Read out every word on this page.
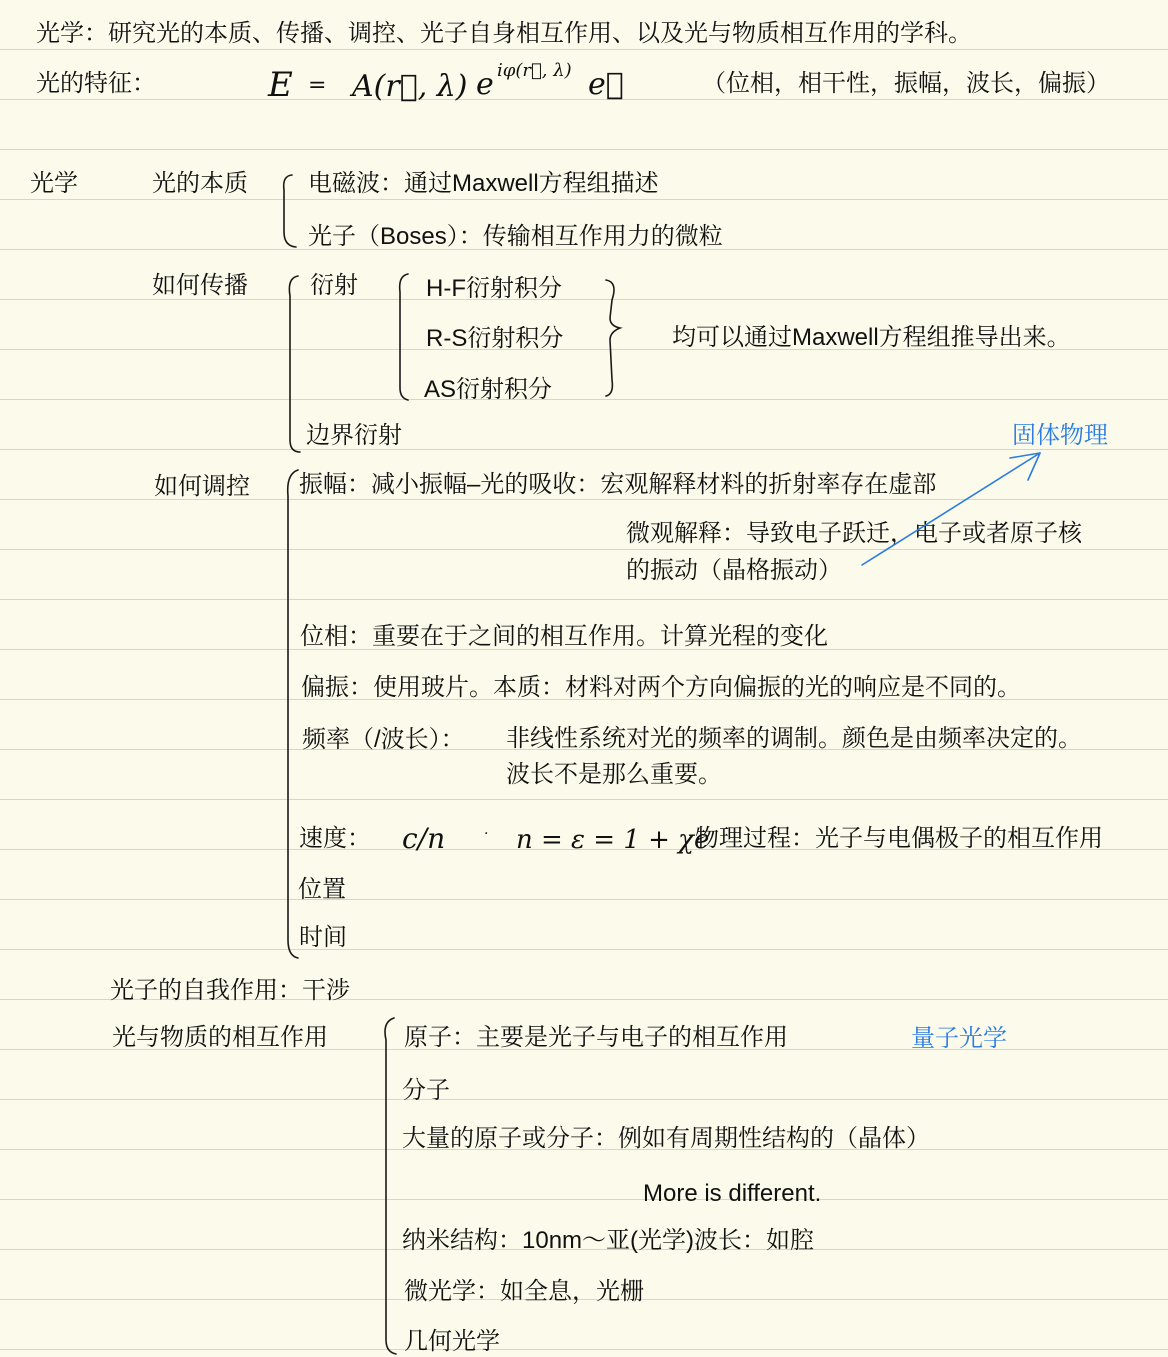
光学：研究光的本质、传播、调控、光子自身相互作用、以及光与物质相互作用的学科。
光的特征：	（位相，相干性，振幅，波长，偏振）
光学	光的本质	电磁波：通过Maxwell方程组描述
光子（Boses）：传输相互作用力的微粒
如何传播	衍射	H-F衍射积分
R-S衍射积分
AS衍射积分
均可以通过Maxwell方程组推导出来。
边界衍射
如何调控
固体物理
振幅：减小振幅–光的吸收：宏观解释材料的折射率存在虚部
微观解释：导致电子跃迁，电子或者原子核
的振动（晶格振动）
位相：重要在于之间的相互作用。计算光程的变化
偏振：使用玻片。本质：材料对两个方向偏振的光的响应是不同的。
频率（/波长）： 非线性系统对光的频率的调制。颜色是由频率决定的。
波长不是那么重要。
速度：	物理过程：光子与电偶极子的相互作用
位置
时间
光子的自我作用：干涉
光与物质的相互作用	原子：主要是光子与电子的相互作用	量子光学
分子
大量的原子或分子：例如有周期性结构的（晶体）
More is different.
纳米结构：10nm～亚(光学)波长：如腔
微光学：如全息，光栅
几何光学
E = A(r⃗, λ) e iφ(r⃗, λ) e⃗
c/n	· n = ε = 1 + χe
